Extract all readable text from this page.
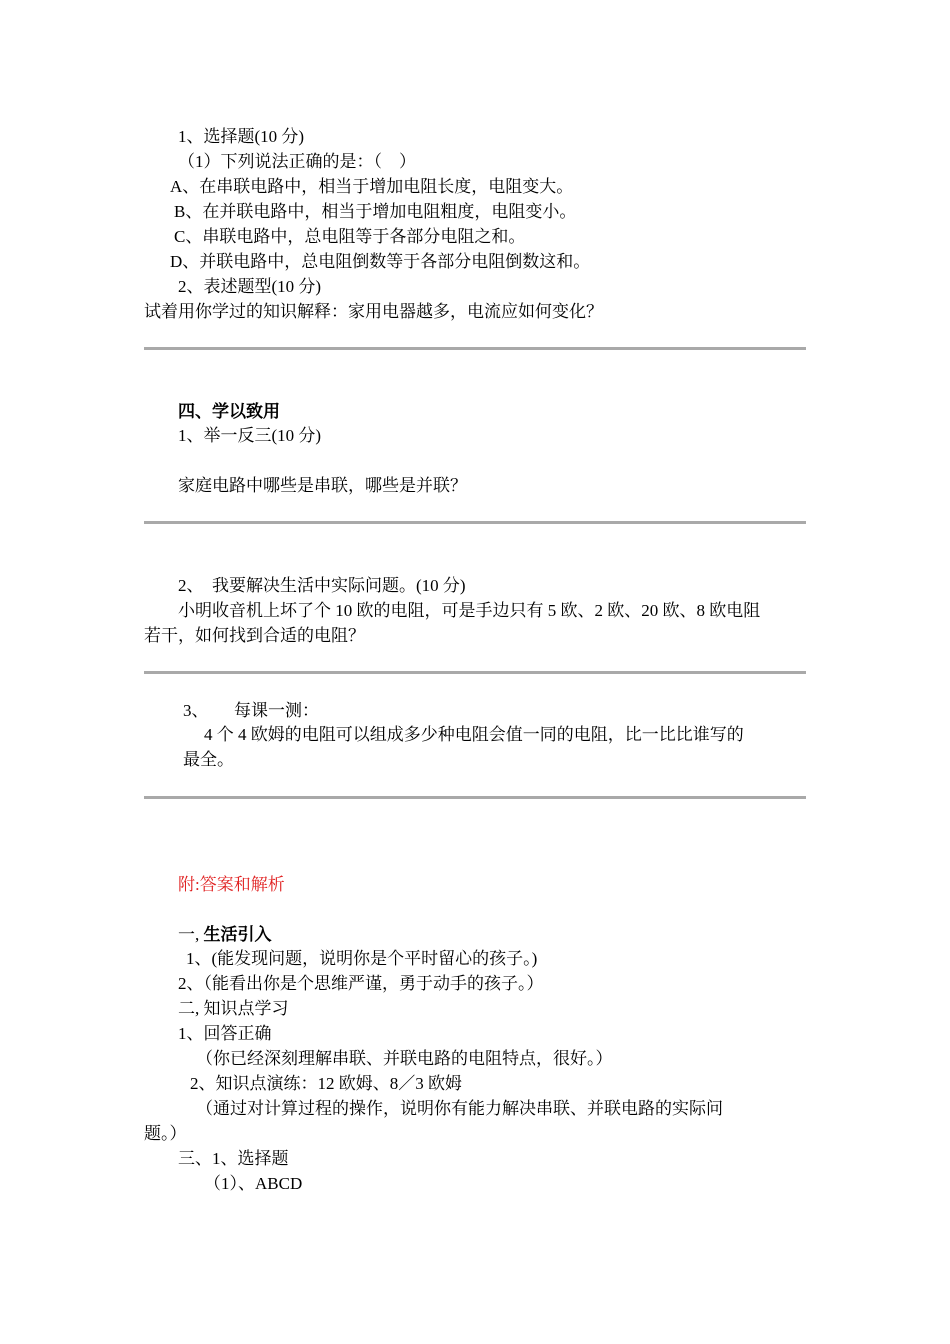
1、选择题(10 分)
（1）下列说法正确的是：（　）
A、在串联电路中，相当于增加电阻长度，电阻变大。
B、在并联电路中，相当于增加电阻粗度，电阻变小。
C、串联电路中，总电阻等于各部分电阻之和。
D、并联电路中，总电阻倒数等于各部分电阻倒数这和。
2、表述题型(10 分)
试着用你学过的知识解释：家用电器越多，电流应如何变化？
四、学以致用
1、举一反三(10 分)
家庭电路中哪些是串联，哪些是并联？
2、　我要解决生活中实际问题。(10 分)
小明收音机上坏了个 10 欧的电阻，可是手边只有 5 欧、2 欧、20 欧、8 欧电阻
若干，如何找到合适的电阻？
3、　　每课一测：
4 个 4 欧姆的电阻可以组成多少种电阻会值一同的电阻，比一比比谁写的
最全。
附:答案和解析
一, 生活引入
1、(能发现问题，说明你是个平时留心的孩子。)
2、（能看出你是个思维严谨，勇于动手的孩子。）
二, 知识点学习
1、回答正确
（你已经深刻理解串联、并联电路的电阻特点，很好。）
2、知识点演练：12 欧姆、8／3 欧姆
（通过对计算过程的操作，说明你有能力解决串联、并联电路的实际问
题。）
三、1、选择题
（1）、ABCD
